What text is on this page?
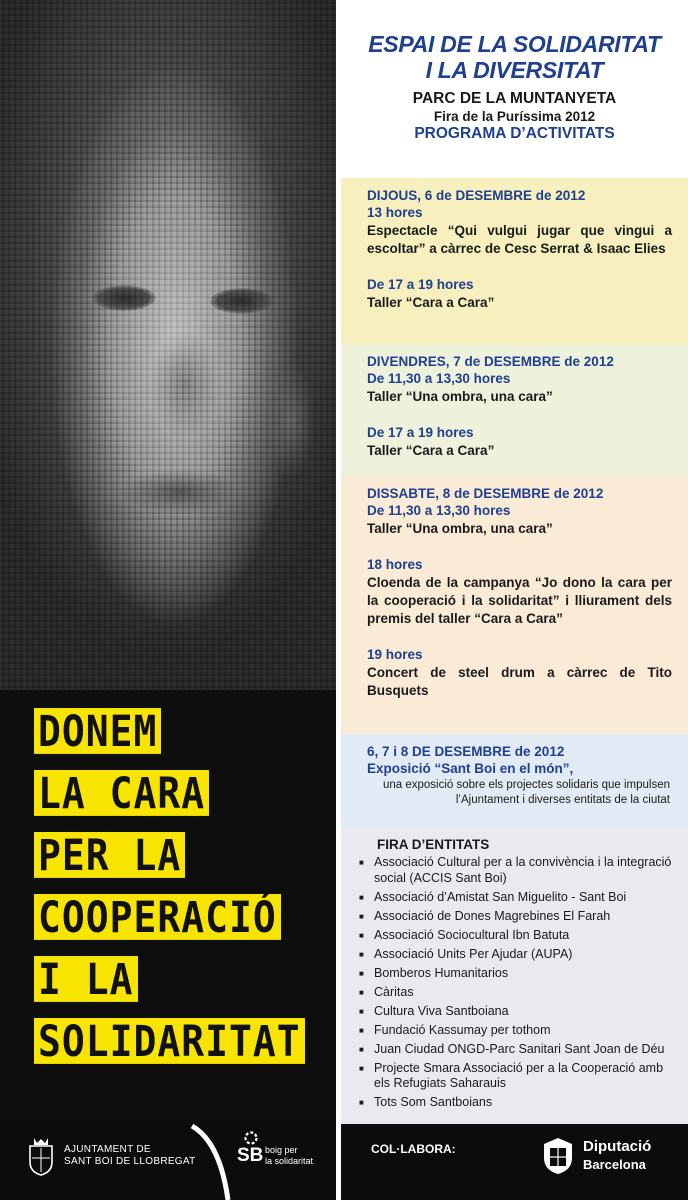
DONEM
LA CARA
PER LA
COOPERACIÓ
I LA
SOLIDARITAT
AJUNTAMENT DE
SANT BOI DE LLOBREGAT SB boig per
la solidaritat
ESPAI DE LA SOLIDARITAT
I LA DIVERSITAT
PARC DE LA MUNTANYETA
Fira de la Puríssima 2012
PROGRAMA D’ACTIVITATS
DIJOUS, 6 de DESEMBRE de 2012
13 hores
Espectacle “Qui vulgui jugar que vingui a escoltar” a càrrec de Cesc Serrat & Isaac Elies
De 17 a 19 hores
Taller “Cara a Cara”
DIVENDRES, 7 de DESEMBRE de 2012
De 11,30 a 13,30 hores
Taller “Una ombra, una cara”
De 17 a 19 hores
Taller “Cara a Cara”
DISSABTE, 8 de DESEMBRE de 2012
De 11,30 a 13,30 hores
Taller “Una ombra, una cara”
18 hores
Cloenda de la campanya “Jo dono la cara per la cooperació i la solidaritat” i lliurament dels premis del taller “Cara a Cara”
19 hores
Concert de steel drum a càrrec de Tito Busquets
6, 7 i 8 DE DESEMBRE de 2012
Exposició “Sant Boi en el món”,
una exposició sobre els projectes solidaris que impulsen l’Ajuntament i diverses entitats de la ciutat
FIRA D’ENTITATS
■ Associació Cultural per a la convivència i la integració social (ACCIS Sant Boi)
■ Associació d’Amistat San Miguelito - Sant Boi
■ Associació de Dones Magrebines El Farah
■ Associació Sociocultural Ibn Batuta
■ Associació Units Per Ajudar (AUPA)
■ Bomberos Humanitarios
■ Càritas
■ Cultura Viva Santboiana
■ Fundació Kassumay per tothom
■ Juan Ciudad ONGD-Parc Sanitari Sant Joan de Déu
■ Projecte Smara Associació per a la Cooperació amb els Refugiats Saharauis
■ Tots Som Santboians
COL·LABORA:	Diputació
Barcelona
